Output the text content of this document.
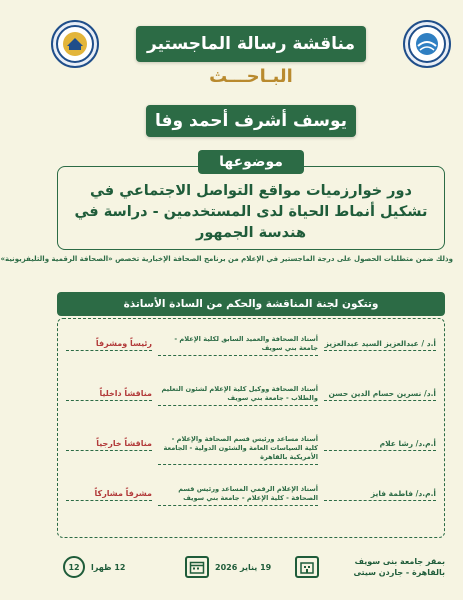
مناقشة رسالة الماجستير
البـاحـــث
يوسف أشرف أحمد وفا
دور خوارزميات مواقع التواصل الاجتماعي في تشكيل أنماط الحياة لدى المستخدمين - دراسة في هندسة الجمهور
موضوعها
وذلك ضمن متطلبات الحصول على درجة الماجستير في الإعلام من برنامج الصحافة الإخبارية تخصص «الصحافة الرقمية والتليفزيونية»
وتتكون لجنة المناقشة والحكم من السادة الأساتذة
أ.د / عبدالعزيز السيد عبدالعزيز
أستاذ الصحافة والعميد السابق لكلية الإعلام - جامعة بني سويف
رئيساً ومشرفاً
أ.د/ نسرين حسام الدين حسن
أستاذ الصحافة ووكيل كلية الإعلام لشئون التعليم والطلاب - جامعة بني سويف
مناقشاً داخلياً
أ.م.د/ رشا علام
أستاذ مساعد ورئيس قسم الصحافة والإعلام - كلية السياسات العامة والشئون الدولية - الجامعة الأمريكية بالقاهرة
مناقشاً خارجياً
أ.م.د/ فاطمة فايز
أستاذ الإعلام الرقمي المساعد ورئيس قسم الصحافة - كلية الإعلام - جامعة بني سويف
مشرفاً مشاركاً
بمقر جامعة بنى سويف بالقاهرة - جاردن سيتى
19 يناير 2026
12 ظهرا
12
